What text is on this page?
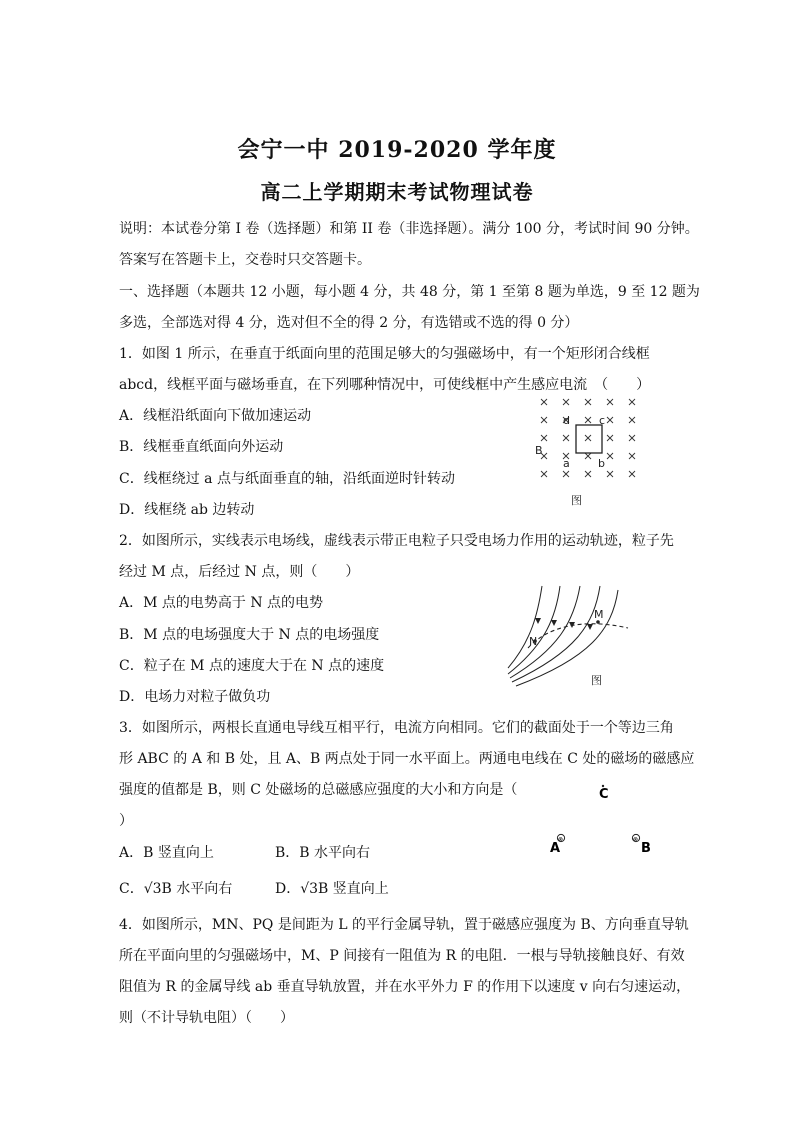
会宁一中 2019-2020 学年度
高二上学期期末考试物理试卷
说明：本试卷分第 I 卷（选择题）和第 II 卷（非选择题）。满分 100 分，考试时间 90 分钟。
答案写在答题卡上，交卷时只交答题卡。
一、选择题（本题共 12 小题，每小题 4 分，共 48 分，第 1 至第 8 题为单选，9 至 12 题为
多选，全部选对得 4 分，选对但不全的得 2 分，有选错或不选的得 0 分）
1．如图 1 所示，在垂直于纸面向里的范围足够大的匀强磁场中，有一个矩形闭合线框
abcd，线框平面与磁场垂直，在下列哪种情况中，可使线框中产生感应电流　（　　）
A．线框沿纸面向下做加速运动
B．线框垂直纸面向外运动
C．线框绕过 a 点与纸面垂直的轴，沿纸面逆时针转动
D．线框绕 ab 边转动
d	c
B
a	b
图
2．如图所示，实线表示电场线，虚线表示带正电粒子只受电场力作用的运动轨迹，粒子先
经过 M 点，后经过 N 点，则（　　）
A．M 点的电势高于 N 点的电势
B．M 点的电场强度大于 N 点的电场强度
C．粒子在 M 点的速度大于在 N 点的速度
D．电场力对粒子做负功
M
N
图
3．如图所示，两根长直通电导线互相平行，电流方向相同。它们的截面处于一个等边三角
形 ABC 的 A 和 B 处，且 A、B 两点处于同一水平面上。两通电电线在 C 处的磁场的磁感应
强度的值都是 B，则 C 处磁场的总磁感应强度的大小和方向是（
）
A．B 竖直向上	B．B 水平向右
C．√3B 水平向右	D．√3B 竖直向上
C
⊗
A
⊗
B
4．如图所示，MN、PQ 是间距为 L 的平行金属导轨，置于磁感应强度为 B、方向垂直导轨
所在平面向里的匀强磁场中，M、P 间接有一阻值为 R 的电阻．一根与导轨接触良好、有效
阻值为 R 的金属导线 ab 垂直导轨放置，并在水平外力 F 的作用下以速度 v 向右匀速运动，
则（不计导轨电阻）（　　）
